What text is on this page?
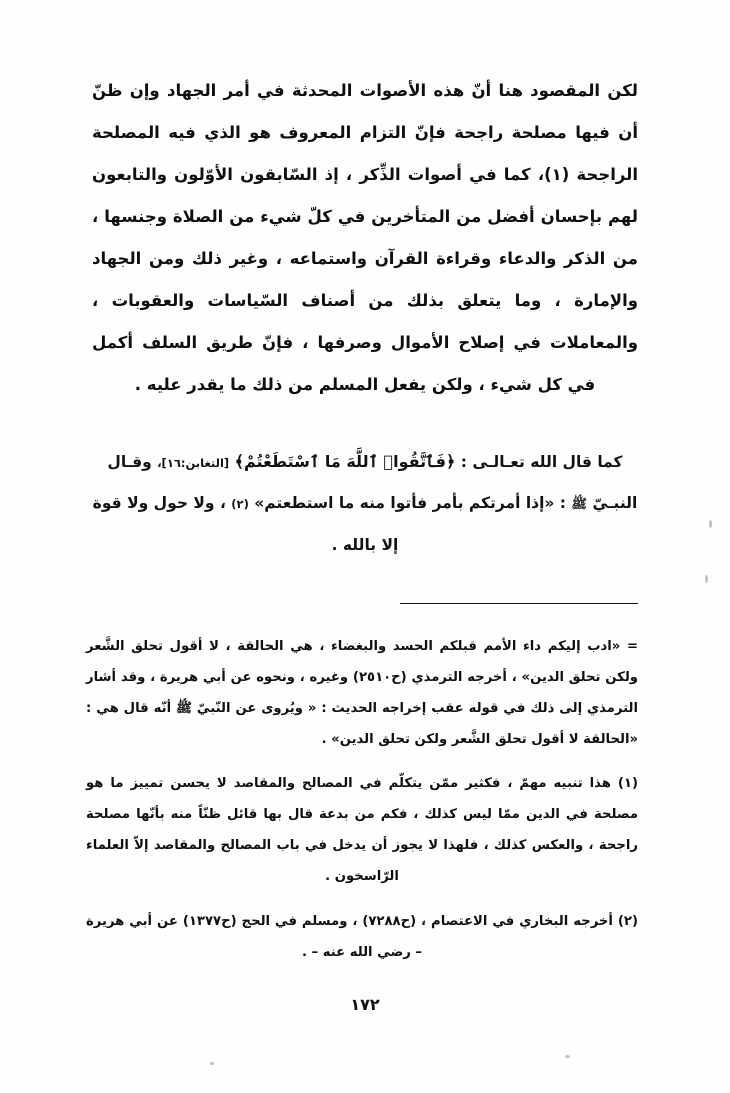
لكن المقصود هنا أنّ هذه الأصوات المحدثة في أمر الجهاد وإن ظنّ أن فيها مصلحة راجحة فإنّ التزام المعروف هو الذي فيه المصلحة الراجحة (١)، كما في أصوات الذِّكر ، إذ السّابقون الأوّلون والتابعون لهم بإحسان أفضل من المتأخرين في كلّ شيء من الصلاة وجنسها ، من الذكر والدعاء وقراءة القرآن واستماعه ، وغير ذلك ومن الجهاد والإمارة ، وما يتعلق بذلك من أصناف السّياسات والعقوبات ، والمعاملات في إصلاح الأموال وصرفها ، فإنّ طريق السلف أكمل في كل شيء ، ولكن يفعل المسلم من ذلك ما يقدر عليه .

كما قال الله تعـالـى : ﴿فَٱتَّقُوا۟ ٱللَّهَ مَا ٱسْتَطَعْتُمْ﴾ [التغابن:١٦]، وقـال النبـيّ ﷺ : «إذا أمرتكم بأمر فأتوا منه ما استطعتم» (٢) ، ولا حول ولا قوة إلا بالله .

= «ادب إليكم داء الأمم قبلكم الحسد والبغضاء ، هي الحالقة ، لا أقول تحلق الشَّعر ولكن تحلق الدين» ، أخرجه الترمذي (ح٢٥١٠) وغيره ، ونحوه عن أبي هريرة ، وقد أشار الترمذي إلى ذلك في قوله عقب إخراجه الحديث : « ويُروى عن النّبيّ ﷺ أنّه قال هي : «الحالقة لا أقول تحلق الشَّعر ولكن تحلق الدين» .

(١) هذا تنبيه مهمّ ، فكثير ممّن يتكلّم في المصالح والمقاصد لا يحسن تمييز ما هو مصلحة في الدين ممّا ليس كذلك ، فكم من بدعة قال بها قائل ظنّاً منه بأنّها مصلحة راجحة ، والعكس كذلك ، فلهذا لا يجوز أن يدخل في باب المصالح والمقاصد إلاّ العلماء الرّاسخون .

(٢) أخرجه البخاري في الاعتصام ، (ح٧٢٨٨) ، ومسلم في الحج (ح١٣٧٧) عن أبي هريرة – رضي الله عنه – .

١٧٢
